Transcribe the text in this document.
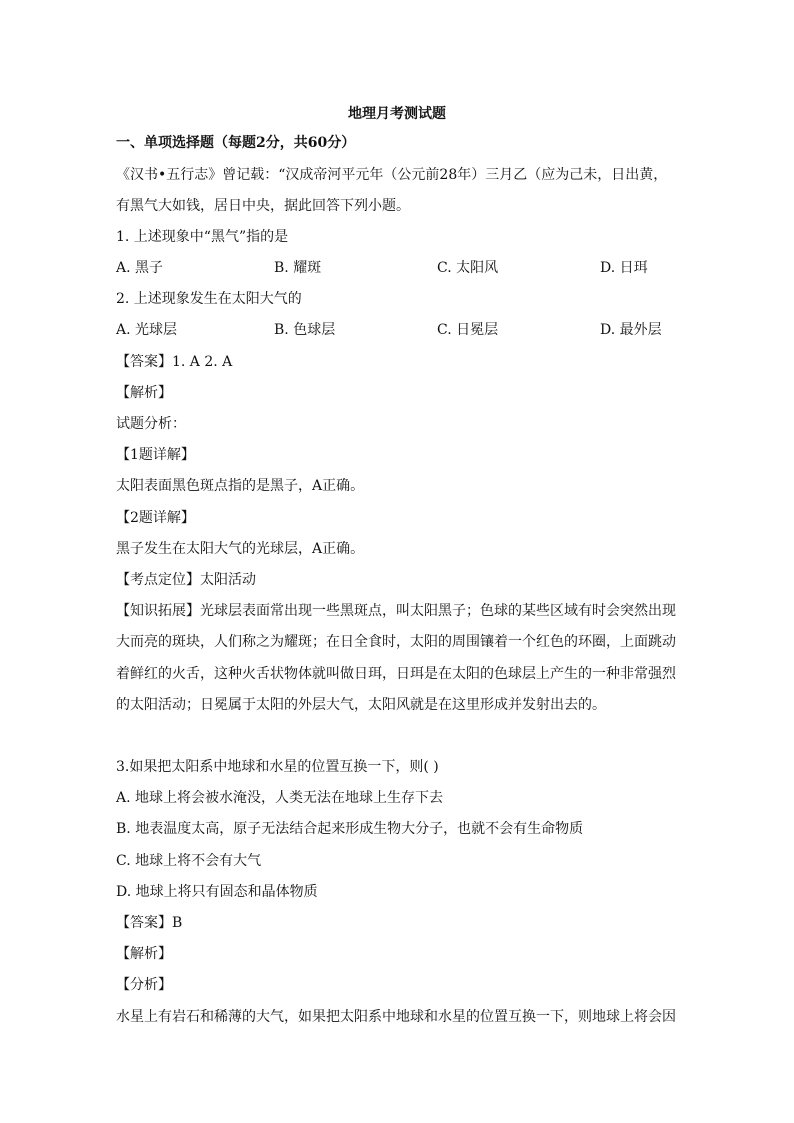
地理月考测试题
一、单项选择题（每题2分，共60分）
《汉书•五行志》曾记载：“汉成帝河平元年（公元前28年）三月乙（应为己未，日出黄，
有黑气大如钱，居日中央，据此回答下列小题。
1. 上述现象中“黑气”指的是
A. 黑子	B. 耀斑	C. 太阳风	D. 日珥
2. 上述现象发生在太阳大气的
A. 光球层	B. 色球层	C. 日冕层	D. 最外层
【答案】1. A 2. A
【解析】
试题分析：
【1题详解】
太阳表面黑色斑点指的是黑子，A正确。
【2题详解】
黑子发生在太阳大气的光球层，A正确。
【考点定位】太阳活动
【知识拓展】光球层表面常出现一些黑斑点，叫太阳黑子；色球的某些区域有时会突然出现
大而亮的斑块，人们称之为耀斑；在日全食时，太阳的周围镶着一个红色的环圈，上面跳动
着鲜红的火舌，这种火舌状物体就叫做日珥，日珥是在太阳的色球层上产生的一种非常强烈
的太阳活动；日冕属于太阳的外层大气，太阳风就是在这里形成并发射出去的。
3.如果把太阳系中地球和水星的位置互换一下，则( )
A. 地球上将会被水淹没，人类无法在地球上生存下去
B. 地表温度太高，原子无法结合起来形成生物大分子，也就不会有生命物质
C. 地球上将不会有大气
D. 地球上将只有固态和晶体物质
【答案】B
【解析】
【分析】
水星上有岩石和稀薄的大气，如果把太阳系中地球和水星的位置互换一下，则地球上将会因
